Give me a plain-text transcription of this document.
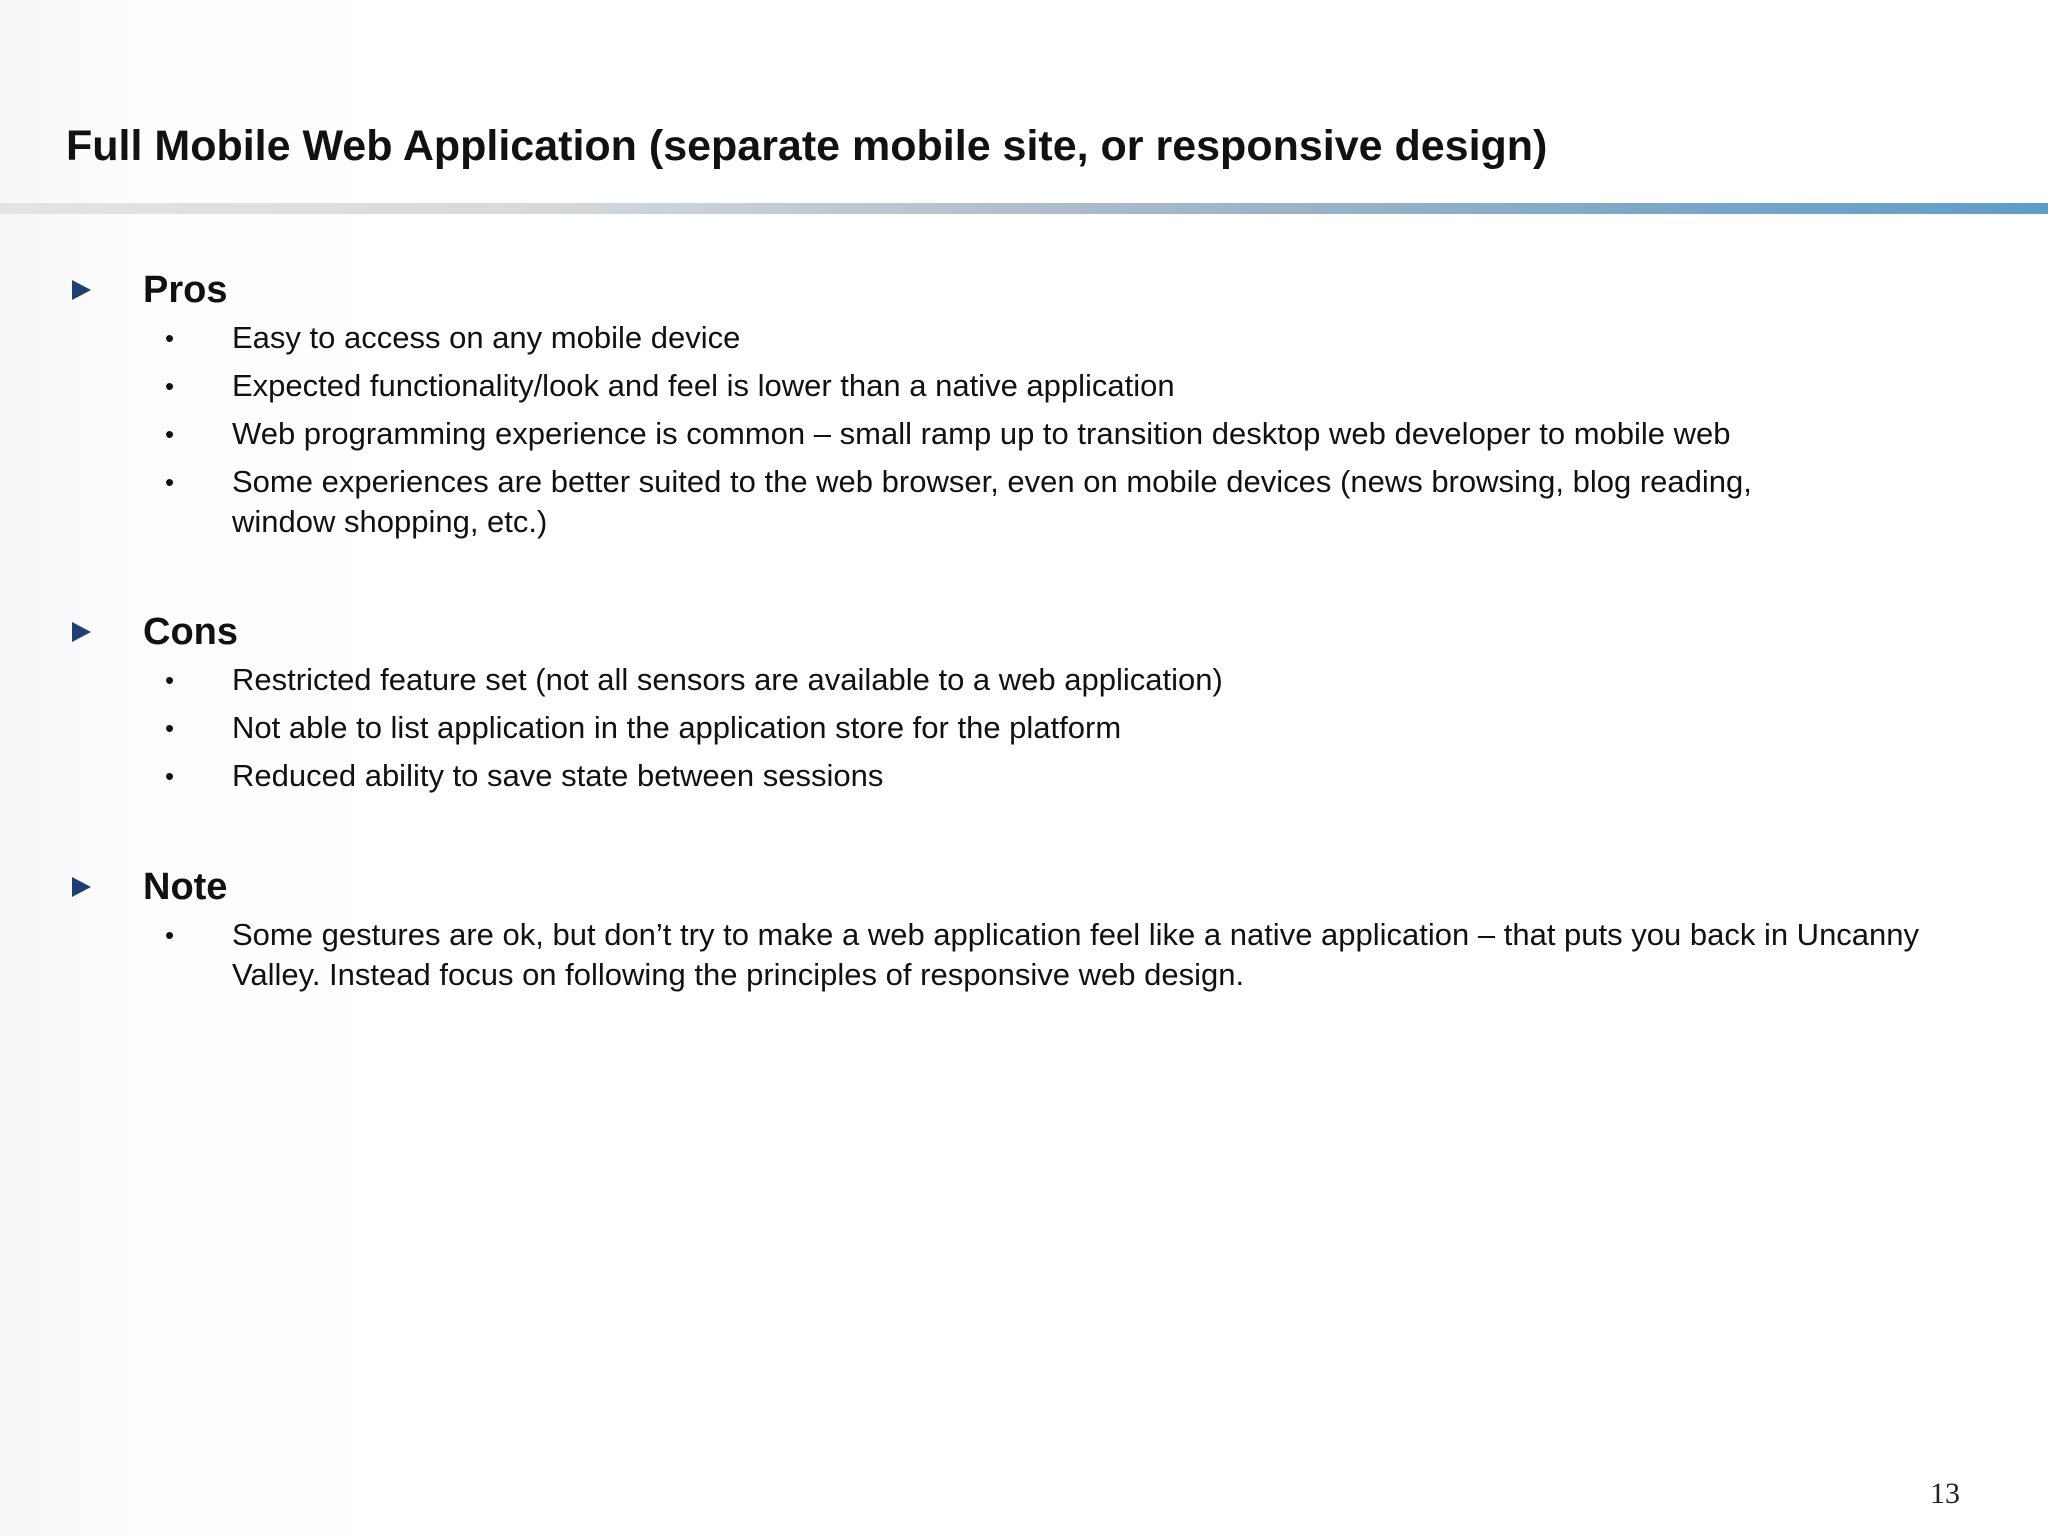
Full Mobile Web Application (separate mobile site, or responsive design)
Pros
• Easy to access on any mobile device
• Expected functionality/look and feel is lower than a native application
• Web programming experience is common – small ramp up to transition desktop web developer to mobile web
• Some experiences are better suited to the web browser, even on mobile devices (news browsing, blog reading, window shopping, etc.)
Cons
• Restricted feature set (not all sensors are available to a web application)
• Not able to list application in the application store for the platform
• Reduced ability to save state between sessions
Note
• Some gestures are ok, but don’t try to make a web application feel like a native application – that puts you back in Uncanny Valley. Instead focus on following the principles of responsive web design.
13
